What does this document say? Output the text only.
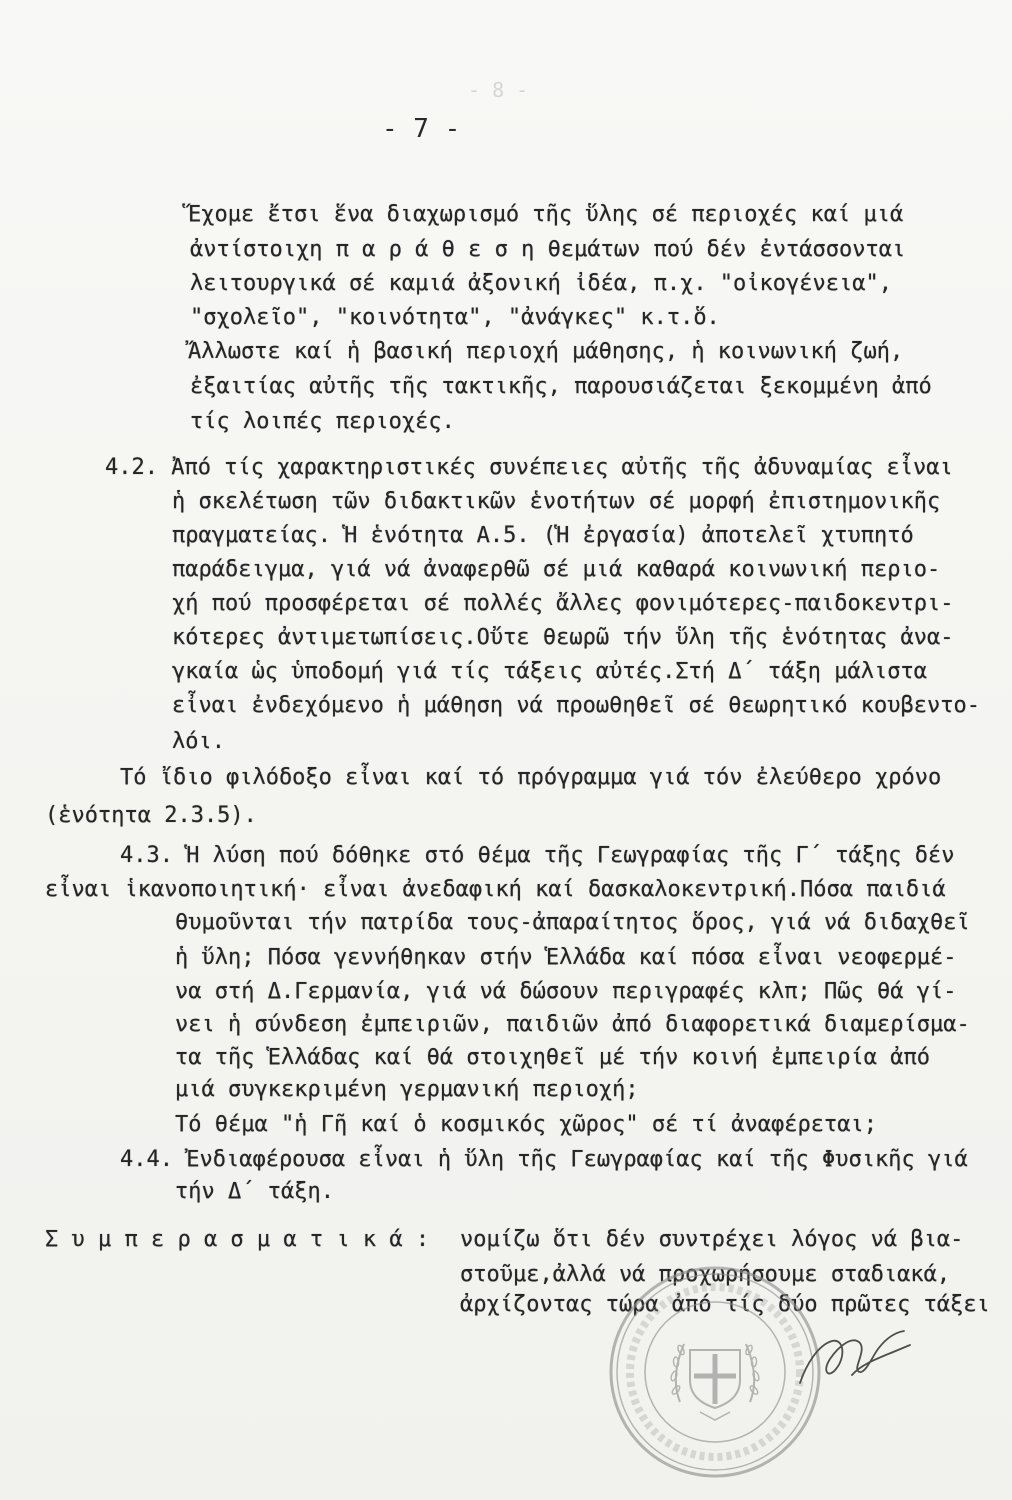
- 8 -
- 7 -
Ἕχομε ἔτσι ἕνα διαχωρισμό τῆς ὕλης σέ περιοχές καί μιά
ἀντίστοιχη π α ρ ά θ ε σ η θεμάτων πού δέν ἐντάσσονται
λειτουργικά σέ καμιά ἀξονική ἰδέα, π.χ. "οἰκογένεια",
"σχολεῖο", "κοινότητα", "ἀνάγκες" κ.τ.ὅ.
Ἄλλωστε καί ἡ βασική περιοχή μάθησης, ἡ κοινωνική ζωή,
ἐξαιτίας αὐτῆς τῆς τακτικῆς, παρουσιάζεται ξεκομμένη ἀπό
τίς λοιπές περιοχές.
4.2. Ἀπό τίς χαρακτηριστικές συνέπειες αὐτῆς τῆς ἀδυναμίας εἶναι
ἡ σκελέτωση τῶν διδακτικῶν ἑνοτήτων σέ μορφή ἐπιστημονικῆς
πραγματείας. Ἡ ἑνότητα Α.5. (Ἡ ἐργασία) ἀποτελεῖ χτυπητό
παράδειγμα, γιά νά ἀναφερθῶ σέ μιά καθαρά κοινωνική περιο-
χή πού προσφέρεται σέ πολλές ἄλλες φονιμότερες-παιδοκεντρι-
κότερες ἀντιμετωπίσεις.Οὔτε θεωρῶ τήν ὕλη τῆς ἑνότητας ἀνα-
γκαία ὡς ὑποδομή γιά τίς τάξεις αὐτές.Στή Δ´ τάξη μάλιστα
εἶναι ἐνδεχόμενο ἡ μάθηση νά προωθηθεῖ σέ θεωρητικό κουβεντο-
λόι.
Τό ἴδιο φιλόδοξο εἶναι καί τό πρόγραμμα γιά τόν ἐλεύθερο χρόνο
(ἑνότητα 2.3.5).
4.3. Ἡ λύση πού δόθηκε στό θέμα τῆς Γεωγραφίας τῆς Γ´ τάξης δέν
εἶναι ἱκανοποιητική· εἶναι ἀνεδαφική καί δασκαλοκεντρική.Πόσα παιδιά
θυμοῦνται τήν πατρίδα τους-ἀπαραίτητος ὅρος, γιά νά διδαχθεῖ
ἡ ὕλη; Πόσα γεννήθηκαν στήν Ἑλλάδα καί πόσα εἶναι νεοφερμέ-
να στή Δ.Γερμανία, γιά νά δώσουν περιγραφές κλπ; Πῶς θά γί-
νει ἡ σύνδεση ἐμπειριῶν, παιδιῶν ἀπό διαφορετικά διαμερίσμα-
τα τῆς Ἑλλάδας καί θά στοιχηθεῖ μέ τήν κοινή ἐμπειρία ἀπό
μιά συγκεκριμένη γερμανική περιοχή;
Τό θέμα "ἡ Γῆ καί ὁ κοσμικός χῶρος" σέ τί ἀναφέρεται;
4.4. Ἐνδιαφέρουσα εἶναι ἡ ὕλη τῆς Γεωγραφίας καί τῆς Φυσικῆς γιά
τήν Δ´ τάξη.
Σ υ μ π ε ρ α σ μ α τ ι κ ά : νομίζω ὅτι δέν συντρέχει λόγος νά βια-
στοῦμε,ἀλλά νά προχωρήσουμε σταδιακά,
ἀρχίζοντας τώρα ἀπό τίς δύο πρῶτες τάξει
